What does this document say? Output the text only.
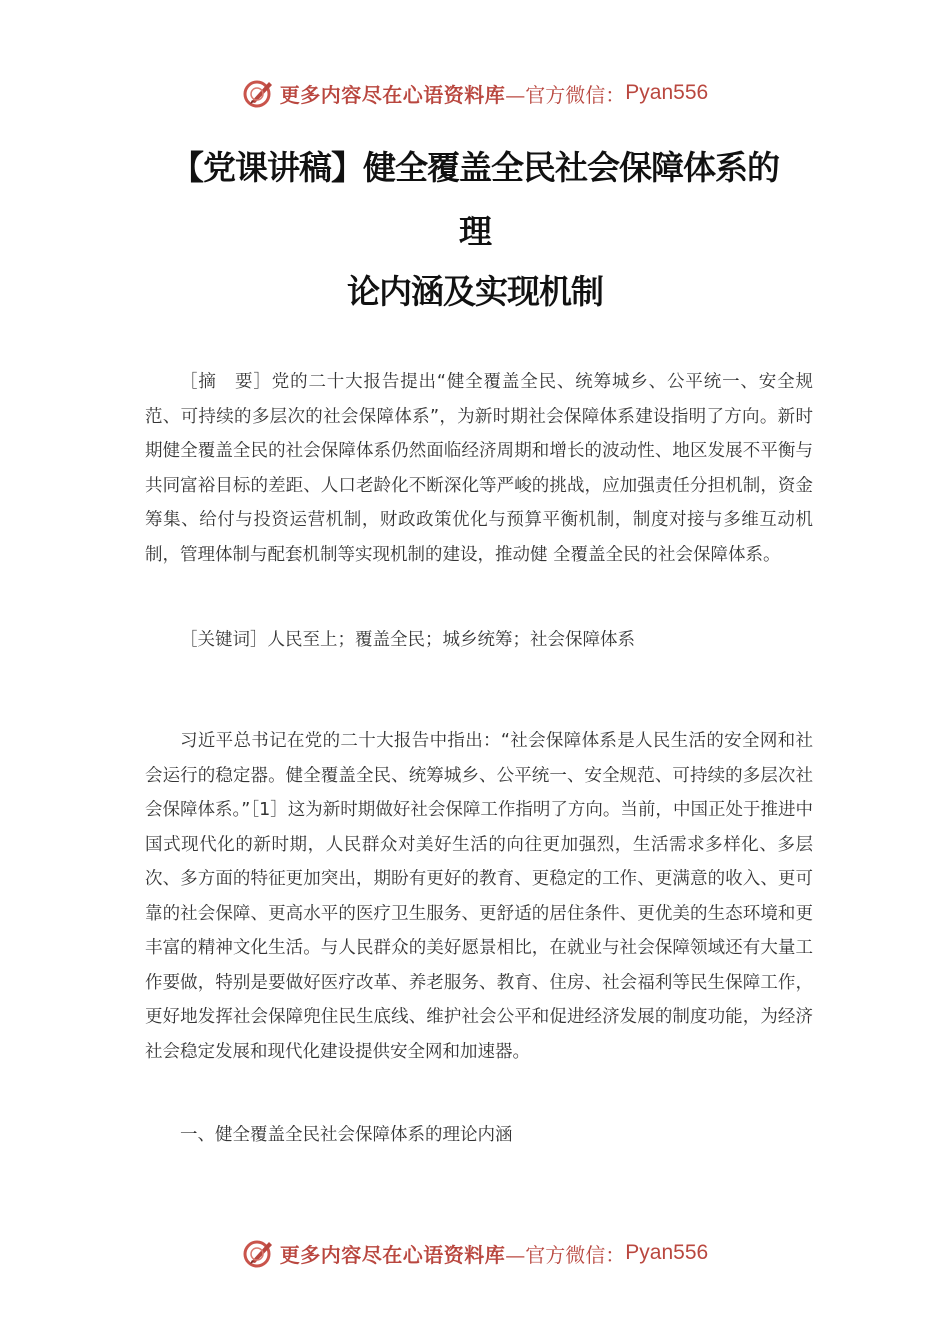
更多内容尽在心语资料库 —官方微信： Pyan556
【党课讲稿】健全覆盖全民社会保障体系的
理
论内涵及实现机制

［摘　要］党的二十大报告提出“健全覆盖全民、统筹城乡、公平统一、安全规范、可持续的多层次的社会保障体系”，为新时期社会保障体系建设指明了方向。新时期健全覆盖全民的社会保障体系仍然面临经济周期和增长的波动性、地区发展不平衡与共同富裕目标的差距、人口老龄化不断深化等严峻的挑战，应加强责任分担机制，资金筹集、给付与投资运营机制，财政政策优化与预算平衡机制，制度对接与多维互动机制，管理体制与配套机制等实现机制的建设，推动健 全覆盖全民的社会保障体系。

［关键词］人民至上；覆盖全民；城乡统筹；社会保障体系

习近平总书记在党的二十大报告中指出：“社会保障体系是人民生活的安全网和社会运行的稳定器。健全覆盖全民、统筹城乡、公平统一、安全规范、可持续的多层次社会保障体系。”［1］这为新时期做好社会保障工作指明了方向。当前，中国正处于推进中国式现代化的新时期，人民群众对美好生活的向往更加强烈，生活需求多样化、多层次、多方面的特征更加突出，期盼有更好的教育、更稳定的工作、更满意的收入、更可靠的社会保障、更高水平的医疗卫生服务、更舒适的居住条件、更优美的生态环境和更丰富的精神文化生活。与人民群众的美好愿景相比，在就业与社会保障领域还有大量工作要做，特别是要做好医疗改革、养老服务、教育、住房、社会福利等民生保障工作，更好地发挥社会保障兜住民生底线、维护社会公平和促进经济发展的制度功能，为经济社会稳定发展和现代化建设提供安全网和加速器。

一、健全覆盖全民社会保障体系的理论内涵

更多内容尽在心语资料库 —官方微信： Pyan556
